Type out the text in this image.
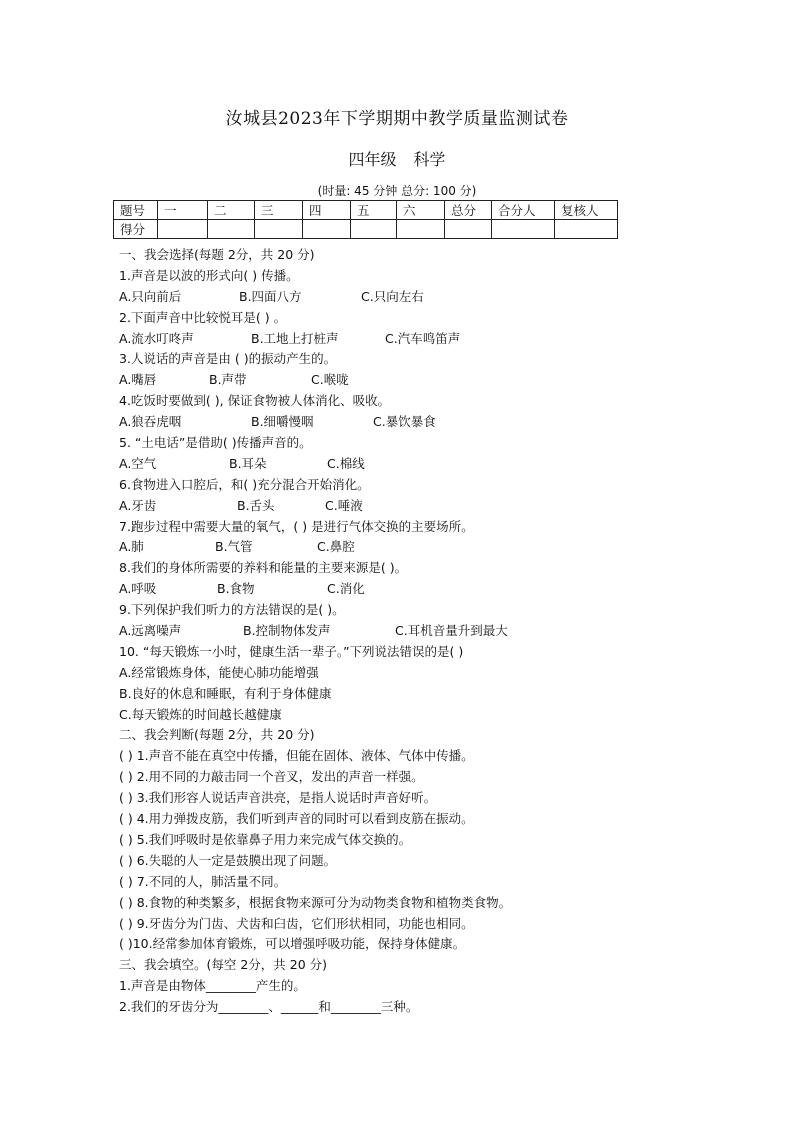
汝城县2023年下学期期中教学质量监测试卷
四年级 科学
(时量: 45 分钟 总分: 100 分)
题号	一	二	三	四	五	六	总分	合分人	复核人
得分									
一、我会选择(每题 2分，共 20 分)
1.声音是以波的形式向( ) 传播。
A.只向前后	B.四面八方	C.只向左右
2.下面声音中比较悦耳是( ) 。
A.流水叮咚声	B.工地上打桩声	C.汽车鸣笛声
3.人说话的声音是由 ( )的振动产生的。
A.嘴唇	B.声带	C.喉咙
4.吃饭时要做到( ), 保证食物被人体消化、吸收。
A.狼吞虎咽	B.细嚼慢咽	C.暴饮暴食
5. “土电话”是借助( )传播声音的。
A.空气	B.耳朵	C.棉线
6.食物进入口腔后，和( )充分混合开始消化。
A.牙齿	B.舌头	C.唾液
7.跑步过程中需要大量的氧气，( ) 是进行气体交换的主要场所。
A.肺	B.气管	C.鼻腔
8.我们的身体所需要的养料和能量的主要来源是( )。
A.呼吸	B.食物	C.消化
9.下列保护我们听力的方法错误的是( )。
A.远离噪声	B.控制物体发声	C.耳机音量升到最大
10. “每天锻炼一小时，健康生活一辈子。”下列说法错误的是( )
A.经常锻炼身体，能使心肺功能增强
B.良好的休息和睡眠，有利于身体健康
C.每天锻炼的时间越长越健康
二、我会判断(每题 2分，共 20 分)
( ) 1.声音不能在真空中传播，但能在固体、液体、气体中传播。
( ) 2.用不同的力敲击同一个音叉，发出的声音一样强。
( ) 3.我们形容人说话声音洪亮，是指人说话时声音好听。
( ) 4.用力弹拨皮筋，我们听到声音的同时可以看到皮筋在振动。
( ) 5.我们呼吸时是依靠鼻子用力来完成气体交换的。
( ) 6.失聪的人一定是鼓膜出现了问题。
( ) 7.不同的人，肺活量不同。
( ) 8.食物的种类繁多，根据食物来源可分为动物类食物和植物类食物。
( ) 9.牙齿分为门齿、犬齿和臼齿，它们形状相同，功能也相同。
( )10.经常参加体育锻炼，可以增强呼吸功能，保持身体健康。
三、我会填空。(每空 2分，共 20 分)
1.声音是由物体________产生的。
2.我们的牙齿分为________、______和________三种。
